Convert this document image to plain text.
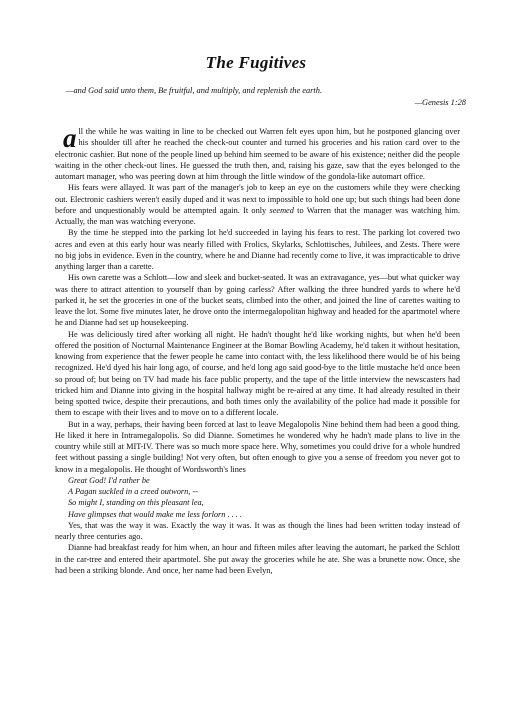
The Fugitives
—and God said unto them, Be fruitful, and multiply, and replenish the earth.
—Genesis 1:28

all the while he was waiting in line to be checked out Warren felt eyes upon him, but he postponed glancing over his shoulder till after he reached the check-out counter and turned his groceries and his ration card over to the electronic cashier. But none of the people lined up behind him seemed to be aware of his existence; neither did the people waiting in the other check-out lines. He guessed the truth then, and, raising his gaze, saw that the eyes belonged to the automart manager, who was peering down at him through the little window of the gondola-like automart office.

His fears were allayed. It was part of the manager's job to keep an eye on the customers while they were checking out. Electronic cashiers weren't easily duped and it was next to impossible to hold one up; but such things had been done before and unquestionably would be attempted again. It only seemed to Warren that the manager was watching him. Actually, the man was watching everyone.

By the time he stepped into the parking lot he'd succeeded in laying his fears to rest. The parking lot covered two acres and even at this early hour was nearly filled with Frolics, Skylarks, Schlottisches, Jubilees, and Zests. There were no big jobs in evidence. Even in the country, where he and Dianne had recently come to live, it was impracticable to drive anything larger than a carette.

His own carette was a Schlott—low and sleek and bucket-seated. It was an extravagance, yes—but what quicker way was there to attract attention to yourself than by going carless? After walking the three hundred yards to where he'd parked it, he set the groceries in one of the bucket seats, climbed into the other, and joined the line of carettes waiting to leave the lot. Some five minutes later, he drove onto the intermegalopolitan highway and headed for the apartmotel where he and Dianne had set up housekeeping.

He was deliciously tired after working all night. He hadn't thought he'd like working nights, but when he'd been offered the position of Nocturnal Maintenance Engineer at the Bomar Bowling Academy, he'd taken it without hesitation, knowing from experience that the fewer people he came into contact with, the less likelihood there would be of his being recognized. He'd dyed his hair long ago, of course, and he'd long ago said good-bye to the little mustache he'd once been so proud of; but being on TV had made his face public property, and the tape of the little interview the newscasters had tricked him and Dianne into giving in the hospital hallway might be re-aired at any time. It had already resulted in their being spotted twice, despite their precautions, and both times only the availability of the police had made it possible for them to escape with their lives and to move on to a different locale.

But in a way, perhaps, their having been forced at last to leave Megalopolis Nine behind them had been a good thing. He liked it here in Intramegalopolis. So did Dianne. Sometimes he wondered why he hadn't made plans to live in the country while still at MIT-IV. There was so much more space here. Why, sometimes you could drive for a whole hundred feet without passing a single building! Not very often, but often enough to give you a sense of freedom you never got to know in a megalopolis. He thought of Wordsworth's lines

Great God! I'd rather be
A Pagan suckled in a creed outworn, --
So might I, standing on this pleasant lea,
Have glimpses that would make me less forlorn . . . .

Yes, that was the way it was. Exactly the way it was. It was as though the lines had been written today instead of nearly three centuries ago.

Dianne had breakfast ready for him when, an hour and fifteen miles after leaving the automart, he parked the Schlott in the car-tree and entered their apartmotel. She put away the groceries while he ate. She was a brunette now. Once, she had been a striking blonde. And once, her name had been Evelyn,
